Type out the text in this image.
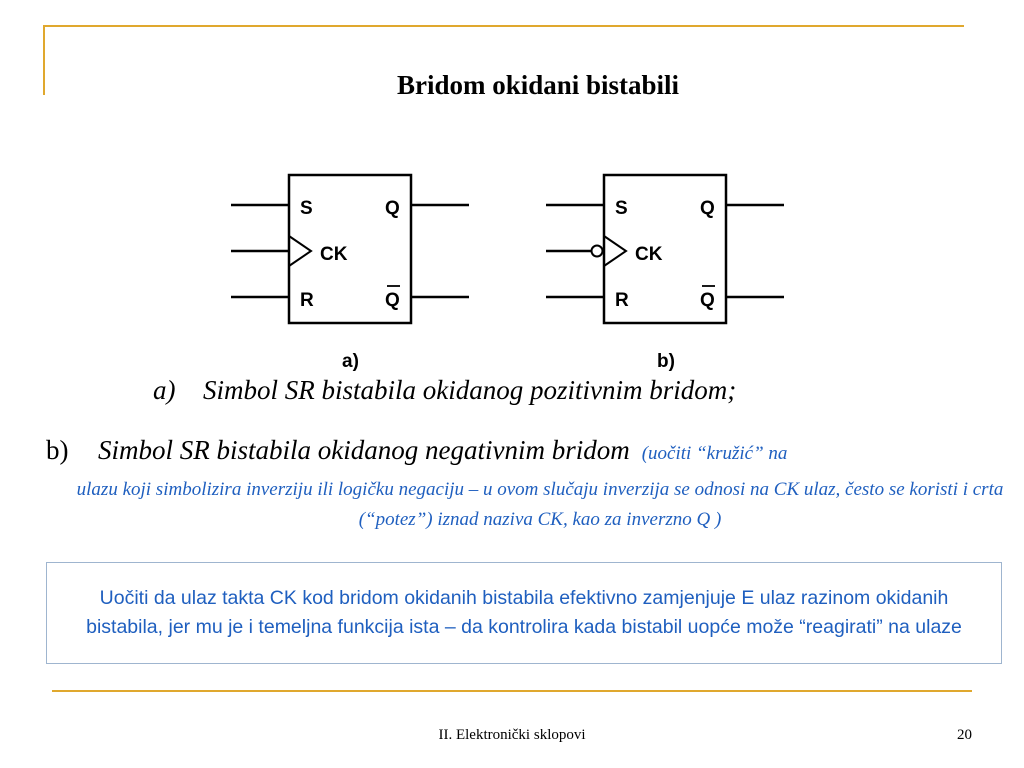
Bridom okidani bistabili
S	Q
CK
R	Q
a)
S	Q
CK
R	Q
b)
a) Simbol SR bistabila okidanog pozitivnim bridom;
b) Simbol SR bistabila okidanog negativnim bridom (uočiti “kružić” na
ulazu koji simbolizira inverziju ili logičku negaciju – u ovom slučaju inverzija se odnosi na CK ulaz, često se koristi i crta (“potez”) iznad naziva CK, kao za inverzno Q )
Uočiti da ulaz takta CK kod bridom okidanih bistabila efektivno zamjenjuje E ulaz razinom okidanih bistabila, jer mu je i temeljna funkcija ista – da kontrolira kada bistabil uopće može “reagirati” na ulaze
II. Elektronički sklopovi	20
